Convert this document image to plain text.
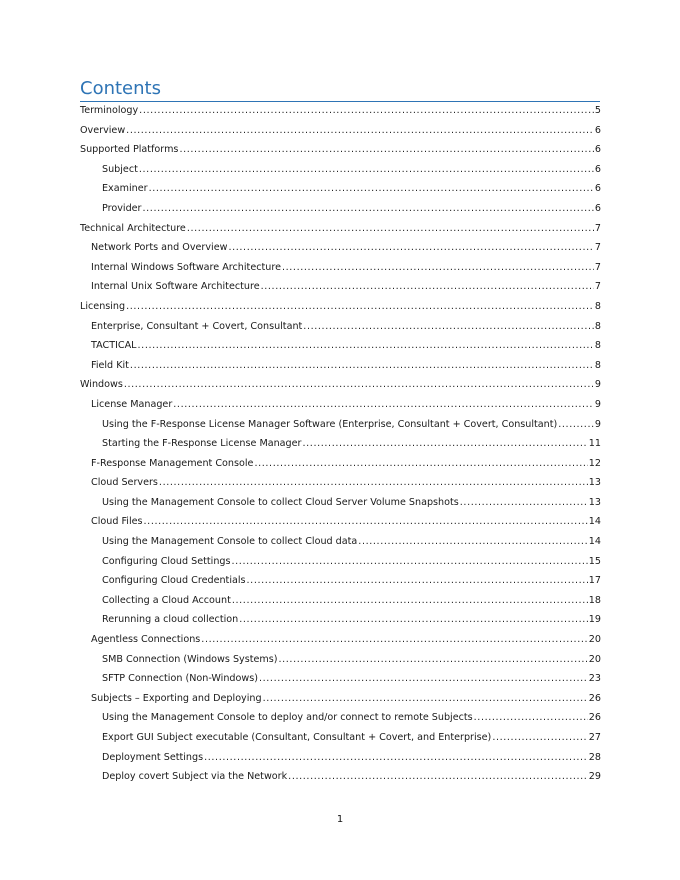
Contents
Terminology .....	5
Overview .....	6
Supported Platforms .....	6
Subject .....	6
Examiner .....	6
Provider .....	6
Technical Architecture .....	7
Network Ports and Overview .....	7
Internal Windows Software Architecture .....	7
Internal Unix Software Architecture .....	7
Licensing .....	8
Enterprise, Consultant + Covert, Consultant .....	8
TACTICAL .....	8
Field Kit .....	8
Windows .....	9
License Manager .....	9
Using the F-Response License Manager Software (Enterprise, Consultant + Covert, Consultant) .....	9
Starting the F-Response License Manager .....	11
F-Response Management Console .....	12
Cloud Servers .....	13
Using the Management Console to collect Cloud Server Volume Snapshots .....	13
Cloud Files .....	14
Using the Management Console to collect Cloud data .....	14
Configuring Cloud Settings .....	15
Configuring Cloud Credentials .....	17
Collecting a Cloud Account .....	18
Rerunning a cloud collection .....	19
Agentless Connections .....	20
SMB Connection (Windows Systems) .....	20
SFTP Connection (Non-Windows) .....	23
Subjects – Exporting and Deploying .....	26
Using the Management Console to deploy and/or connect to remote Subjects .....	26
Export GUI Subject executable (Consultant, Consultant + Covert, and Enterprise) .....	27
Deployment Settings .....	28
Deploy covert Subject via the Network .....	29
1
